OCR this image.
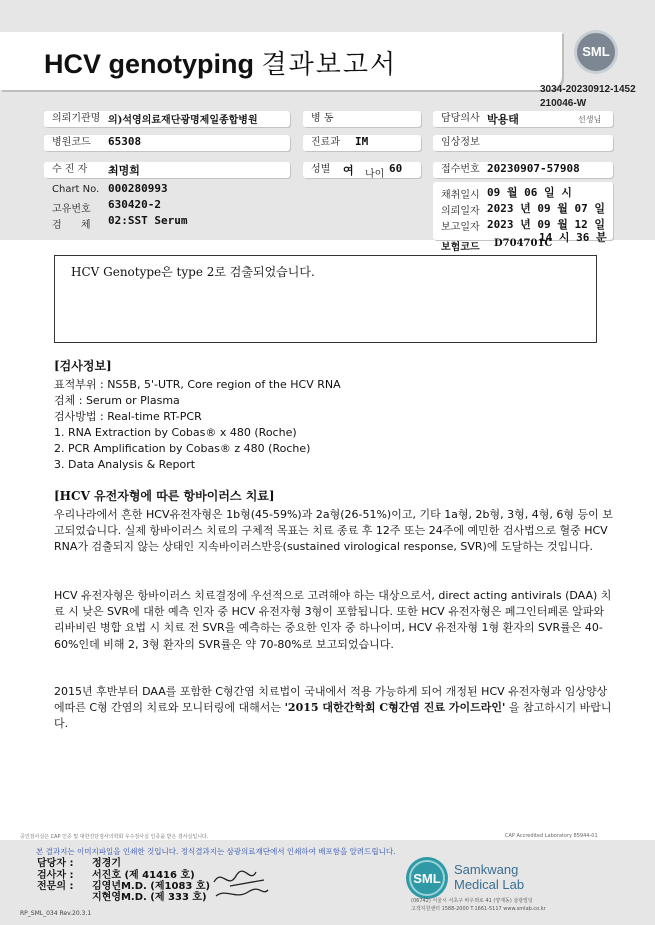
HCV genotyping 결과보고서	SML
3034-20230912-1452
210046-W
의뢰기관명 의)석영의료재단광명제일종합병원	병 동	담당의사 박용태	선생님
병원코드	65308	진료과	IM	임상정보
수 진 자	최명희	성별	여 나이 60	접수번호 20230907-57908
Chart No. 000280993
고유번호 630420-2
검 체 02:SST Serum
채취일시 09 월 06 일 시
의뢰일자 2023 년 09 월 07 일
보고일자 2023 년 09 월 12 일
14 시 36 분
보험코드 D704701C
HCV Genotype은 type 2로 검출되었습니다.
[검사정보]
표적부위 : NS5B, 5'-UTR, Core region of the HCV RNA
검체 : Serum or Plasma
검사방법 : Real-time RT-PCR
1. RNA Extraction by Cobas® x 480 (Roche)
2. PCR Amplification by Cobas® z 480 (Roche)
3. Data Analysis & Report
[HCV 유전자형에 따른 항바이러스 치료]
우리나라에서 흔한 HCV유전자형은 1b형(45-59%)과 2a형(26-51%)이고, 기타 1a형, 2b형, 3형, 4형, 6형 등이 보고되었습니다. 실제 항바이러스 치료의 구체적 목표는 치료 종료 후 12주 또는 24주에 예민한 검사법으로 혈중 HCV RNA가 검출되지 않는 상태인 지속바이러스반응(sustained virological response, SVR)에 도달하는 것입니다.
HCV 유전자형은 항바이러스 치료결정에 우선적으로 고려해야 하는 대상으로서, direct acting antivirals (DAA) 치료 시 낮은 SVR에 대한 예측 인자 중 HCV 유전자형 3형이 포함됩니다. 또한 HCV 유전자형은 페그인터페론 알파와 리바비린 병합 요법 시 치료 전 SVR을 예측하는 중요한 인자 중 하나이며, HCV 유전자형 1형 환자의 SVR률은 40-60%인데 비해 2, 3형 환자의 SVR률은 약 70-80%로 보고되었습니다.
2015년 후반부터 DAA를 포함한 C형간염 치료법이 국내에서 적용 가능하게 되어 개정된 HCV 유전자형과 임상양상에따른 C형 간염의 치료와 모니터링에 대해서는 '2015 대한간학회 C형간염 진료 가이드라인' 을 참고하시기 바랍니다.
공인검사실은 CAP 인증 및 대한진단검사의학회 우수검사실 인증을 받은 검사실입니다.	CAP Accredited Laboratory 85944-01
본 결과지는 이미지파일을 인쇄한 것입니다. 정식결과지는 삼광의료재단에서 인쇄하여 배포함을 알려드립니다.
담당자 : 정경기
검사자 : 서진호 (제 41416 호)
전문의 : 김영년M.D. (제1083 호)
지현영M.D. (제 333 호)
SML
Samkwang
Medical Lab
(06742) 서울시 서초구 바우뫼로 41 (양재동) 삼광빌딩
고객지원센터 1588-2000 T.1661-5117 www.smlab.co.kr
RP_SML_034 Rev.20.3.1
